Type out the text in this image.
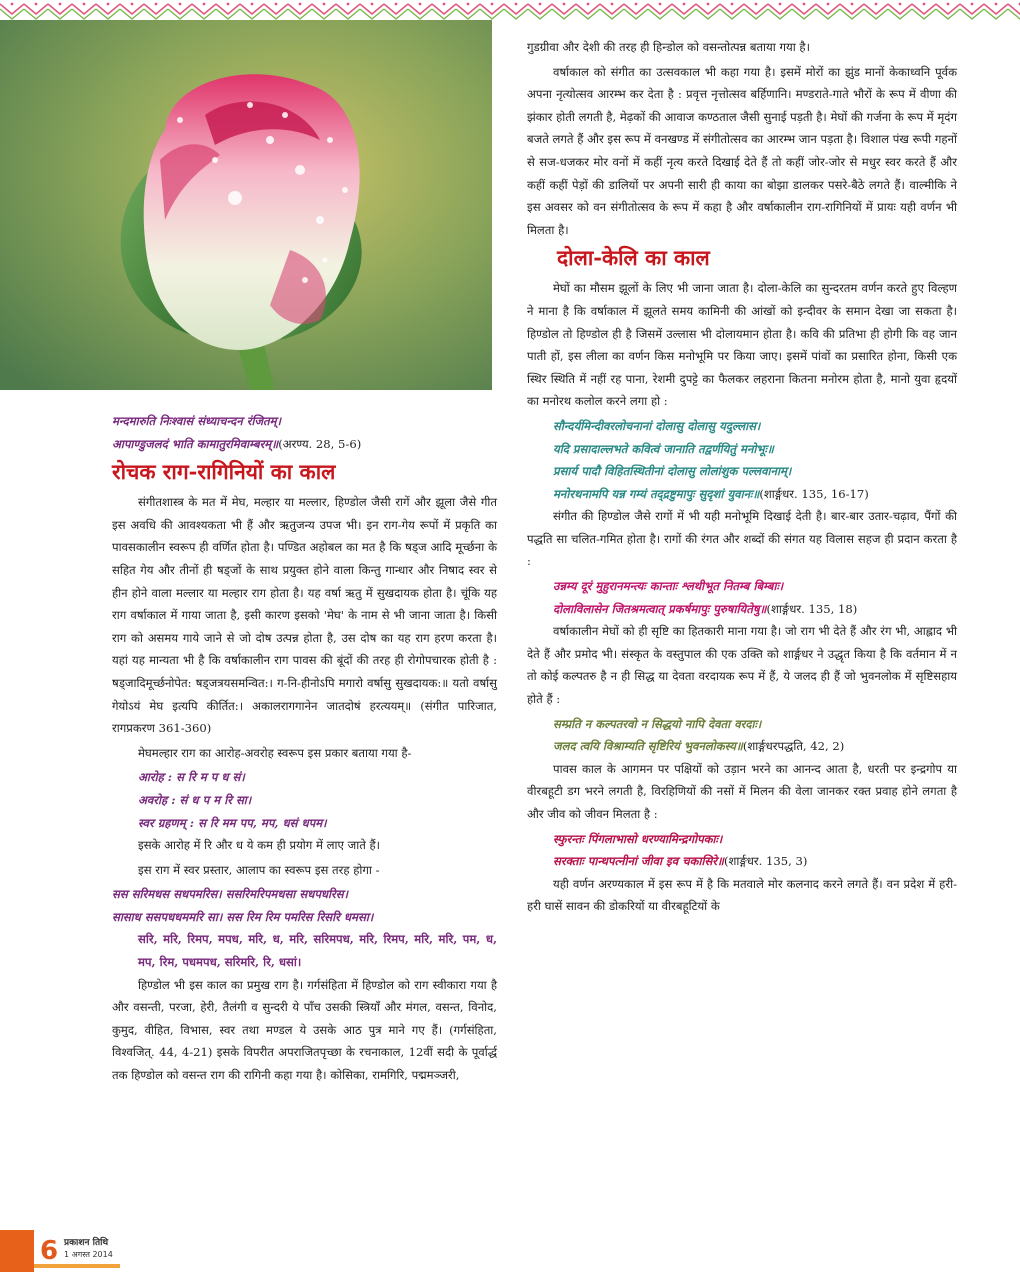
मन्दमारुति निःश्वासं संध्याचन्दन रंजितम्।

आपाण्डुजलदं भाति कामातुरमिवाम्बरम्॥(अरण्य. 28, 5-6)

रोचक राग-रागिनियों का काल

संगीतशास्त्र के मत में मेघ, मल्हार या मल्लार, हिण्डोल जैसी रागें और झूला जैसे गीत इस अवधि की आवश्यकता भी हैं और ऋतुजन्य उपज भी। इन राग-गेय रूपों में प्रकृति का पावसकालीन स्वरूप ही वर्णित होता है। पण्डित अहोबल का मत है कि षड्ज आदि मूर्च्छना के सहित गेय और तीनों ही षड्जों के साथ प्रयुक्त होने वाला किन्तु गान्धार और निषाद स्वर से हीन होने वाला मल्लार या मल्हार राग होता है। यह वर्षा ऋतु में सुखदायक होता है। चूंकि यह राग वर्षाकाल में गाया जाता है, इसी कारण इसको 'मेघ' के नाम से भी जाना जाता है। किसी राग को असमय गाये जाने से जो दोष उत्पन्न होता है, उस दोष का यह राग हरण करता है। यहां यह मान्यता भी है कि वर्षाकालीन राग पावस की बूंदों की तरह ही रोगोपचारक होती है : षड्जादिमूर्च्छनोपेत: षड्जत्रयसमन्वित:। ग-नि-हीनोऽपि मगारो वर्षासु सुखदायक:॥ यतो वर्षासु गेयोऽयं मेघ इत्यपि कीर्तित:। अकालरागगानेन जातदोषं हरत्ययम्॥ (संगीत पारिजात, रागप्रकरण 361-360)

मेघमल्हार राग का आरोह-अवरोह स्वरूप इस प्रकार बताया गया है-

आरोह : स रि म प ध सं।

अवरोह : सं ध प म रि सा।

स्वर ग्रहणम् : स रि मम पप, मप, धसं धपम।

इसके आरोह में रि और ध ये कम ही प्रयोग में लाए जाते हैं।

इस राग में स्वर प्रस्तार, आलाप का स्वरूप इस तरह होगा -

सस सरिमधस सधपमरिस। ससरिमरिपमधसा सधपधरिस।

सासाध ससपधधममरि सा। सस रिम रिम पमरिस रिसरि धमसा।

सरि, मरि, रिमप, मपध, मरि, ध, मरि, सरिमपध, मरि, रिमप, मरि, मरि, पम, ध, मप, रिम, पधमपध, सरिमरि, रि, धसां।

हिण्डोल भी इस काल का प्रमुख राग है। गर्गसंहिता में हिण्डोल को राग स्वीकारा गया है और वसन्ती, परजा, हेरी, तैलंगी व सुन्दरी ये पाँच उसकी स्त्रियाँ और मंगल, वसन्त, विनोद, कुमुद, वीहित, विभास, स्वर तथा मण्डल ये उसके आठ पुत्र माने गए हैं। (गर्गसंहिता, विश्वजित्. 44, 4-21) इसके विपरीत अपराजितपृच्छा के रचनाकाल, 12वीं सदी के पूर्वार्द्ध तक हिण्डोल को वसन्त राग की रागिनी कहा गया है। कोसिका, रामगिरि, पद्ममञ्जरी,

गुडग्रीवा और देशी की तरह ही हिन्डोल को वसन्तोत्पन्न बताया गया है।

वर्षाकाल को संगीत का उत्सवकाल भी कहा गया है। इसमें मोरों का झुंड मानों केकाध्वनि पूर्वक अपना नृत्योत्सव आरम्भ कर देता है : प्रवृत्त नृत्तोत्सव बर्हिणानि। मण्डराते-गाते भौरों के रूप में वीणा की झंकार होती लगती है, मेढ़कों की आवाज कण्ठताल जैसी सुनाई पड़ती है। मेघों की गर्जना के रूप में मृदंग बजते लगते हैं और इस रूप में वनखण्ड में संगीतोत्सव का आरम्भ जान पड़ता है। विशाल पंख रूपी गहनों से सज-धजकर मोर वनों में कहीं नृत्य करते दिखाई देते हैं तो कहीं जोर-जोर से मधुर स्वर करते हैं और कहीं कहीं पेड़ों की डालियों पर अपनी सारी ही काया का बोझा डालकर पसरे-बैठे लगते हैं। वाल्मीकि ने इस अवसर को वन संगीतोत्सव के रूप में कहा है और वर्षाकालीन राग-रागिनियों में प्रायः यही वर्णन भी मिलता है।

दोला-केलि का काल

मेघों का मौसम झूलों के लिए भी जाना जाता है। दोला-केलि का सुन्दरतम वर्णन करते हुए विल्हण ने माना है कि वर्षाकाल में झूलते समय कामिनी की आंखों को इन्दीवर के समान देखा जा सकता है। हिण्डोल तो हिण्डोल ही है जिसमें उल्लास भी दोलायमान होता है। कवि की प्रतिभा ही होगी कि वह जान पाती हों, इस लीला का वर्णन किस मनोभूमि पर किया जाए। इसमें पांवों का प्रसारित होना, किसी एक स्थिर स्थिति में नहीं रह पाना, रेशमी दुपट्टे का फैलकर लहराना कितना मनोरम होता है, मानो युवा हृदयों का मनोरथ कलोल करने लगा हो :

सौन्दर्यमिन्दीवरलोचनानां दोलासु दोलासु यदुल्लास।

यदि प्रसादाल्लभते कवित्वं जानाति तद्वर्णयितुं मनोभूः॥

प्रसार्य पादौ विहितस्थितीनां दोलासु लोलांशुक पल्लवानाम्।

मनोरथनामपि यन्न गम्यं तद्द्रष्टुमापुः सुदृशां युवानः॥(शार्ङ्गधर. 135, 16-17)

संगीत की हिण्डोल जैसे रागों में भी यही मनोभूमि दिखाई देती है। बार-बार उतार-चढ़ाव, पैंगों की पद्धति सा चलित-गमित होता है। रागों की रंगत और शब्दों की संगत यह विलास सहज ही प्रदान करता है :

उन्नम्य दूरं मुहुरानमन्त्यः कान्ताः श्लथीभूत नितम्ब बिम्बाः।

दोलाविलासेन जितश्रमत्वात् प्रकर्षमापुः पुरुषायितेषु॥(शार्ङ्गधर. 135, 18)

वर्षाकालीन मेघों को ही सृष्टि का हितकारी माना गया है। जो राग भी देते हैं और रंग भी, आह्लाद भी देते हैं और प्रमोद भी। संस्कृत के वस्तुपाल की एक उक्ति को शार्ङ्गधर ने उद्धृत किया है कि वर्तमान में न तो कोई कल्पतरु है न ही सिद्ध या देवता वरदायक रूप में हैं, ये जलद ही हैं जो भुवनलोक में सृष्टिसहाय होते हैं :

सम्प्रति न कल्पतरवो न सिद्धयो नापि देवता वरदाः।

जलद त्वयि विश्राम्यति सृष्टिरियं भुवनलोकस्य॥(शार्ङ्गधरपद्धति, 42, 2)

पावस काल के आगमन पर पक्षियों को उड़ान भरने का आनन्द आता है, धरती पर इन्द्रगोप या वीरबहूटी डग भरने लगती है, विरहिणियों की नसों में मिलन की वेला जानकर रक्त प्रवाह होने लगता है और जीव को जीवन मिलता है :

स्फुरन्तः पिंगलाभासो धरण्यामिन्द्रगोपकाः।

सरक्ताः पान्थपत्नीनां जीवा इव चकासिरे॥(शार्ङ्गधर. 135, 3)

यही वर्णन अरण्यकाल में इस रूप में है कि मतवाले मोर कलनाद करने लगते हैं। वन प्रदेश में हरी-हरी घासें सावन की डोकरियों या वीरबहूटियों के

6 प्रकाशन तिथि
1 अगस्त 2014
